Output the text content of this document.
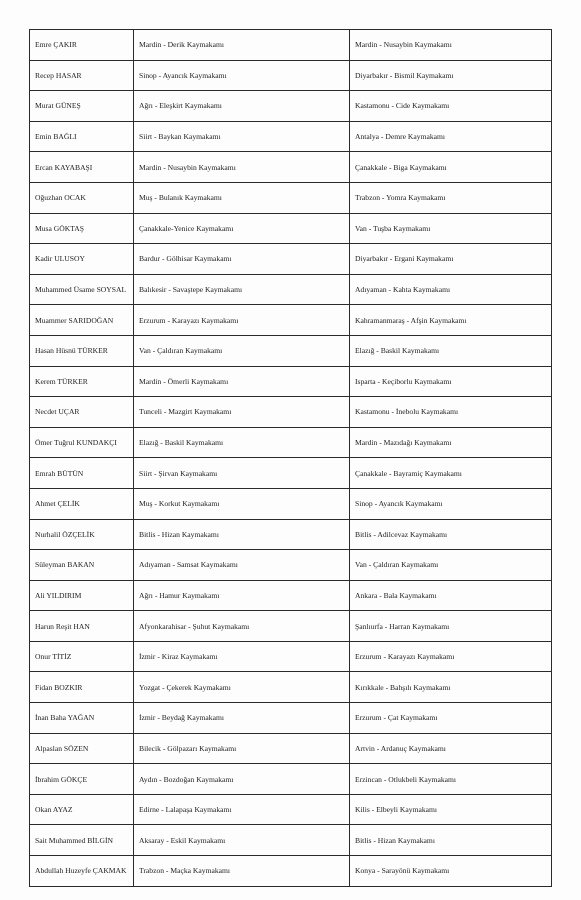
Emre ÇAKIR	Mardin - Derik Kaymakamı	Mardin - Nusaybin Kaymakamı
Recep HASAR	Sinop - Ayancık Kaymakamı	Diyarbakır - Bismil Kaymakamı
Murat GÜNEŞ	Ağrı - Eleşkirt Kaymakamı	Kastamonu - Cide Kaymakamı
Emin BAĞLI	Siirt - Baykan Kaymakamı	Antalya - Demre Kaymakamı
Ercan KAYABAŞI	Mardin - Nusaybin Kaymakamı	Çanakkale - Biga Kaymakamı
Oğuzhan OCAK	Muş - Bulanık Kaymakamı	Trabzon - Yomra Kaymakamı
Musa GÖKTAŞ	Çanakkale-Yenice Kaymakamı	Van - Tuşba Kaymakamı
Kadir ULUSOY	Bardur - Gölhisar Kaymakamı	Diyarbakır - Ergani Kaymakamı
Muhammed Üsame SOYSAL	Balıkesir - Savaştepe Kaymakamı	Adıyaman - Kahta Kaymakamı
Muammer SARIDOĞAN	Erzurum - Karayazı Kaymakamı	Kahramanmaraş - Afşin Kaymakamı
Hasan Hüsnü TÜRKER	Van - Çaldıran Kaymakamı	Elazığ - Baskil Kaymakamı
Kerem TÜRKER	Mardin - Ömerli Kaymakamı	Isparta - Keçiborlu Kaymakamı
Necdet UÇAR	Tunceli - Mazgirt Kaymakamı	Kastamonu - İnebolu Kaymakamı
Ömer Tuğrul KUNDAKÇI	Elazığ - Baskil Kaymakamı	Mardin - Mazıdağı Kaymakamı
Emrah BÜTÜN	Siirt - Şirvan Kaymakamı	Çanakkale - Bayramiç Kaymakamı
Ahmet ÇELİK	Muş - Korkut Kaymakamı	Sinop - Ayancık Kaymakamı
Nurhalil ÖZÇELİK	Bitlis - Hizan Kaymakamı	Bitlis - Adilcevaz Kaymakamı
Süleyman BAKAN	Adıyaman - Samsat Kaymakamı	Van - Çaldıran Kaymakamı
Ali YILDIRIM	Ağrı - Hamur Kaymakamı	Ankara - Bala Kaymakamı
Harun Reşit HAN	Afyonkarahisar - Şuhut Kaymakamı	Şanlıurfa - Harran Kaymakamı
Onur TİTİZ	İzmir - Kiraz Kaymakamı	Erzurum - Karayazı Kaymakamı
Fidan BOZKIR	Yozgat - Çekerek Kaymakamı	Kırıkkale - Bahşılı Kaymakamı
İnan Baha YAĞAN	İzmir - Beydağ Kaymakamı	Erzurum - Çat Kaymakamı
Alpaslan SÖZEN	Bilecik - Gölpazarı Kaymakamı	Artvin - Ardanuç Kaymakamı
İbrahim GÖKÇE	Aydın - Bozdoğan Kaymakamı	Erzincan - Otlukbeli Kaymakamı
Okan AYAZ	Edirne - Lalapaşa Kaymakamı	Kilis - Elbeyli Kaymakamı
Sait Muhammed BİLGİN	Aksaray - Eskil Kaymakamı	Bitlis - Hizan Kaymakamı
Abdullah Huzeyfe ÇAKMAK	Trabzon - Maçka Kaymakamı	Konya - Sarayönü Kaymakamı
